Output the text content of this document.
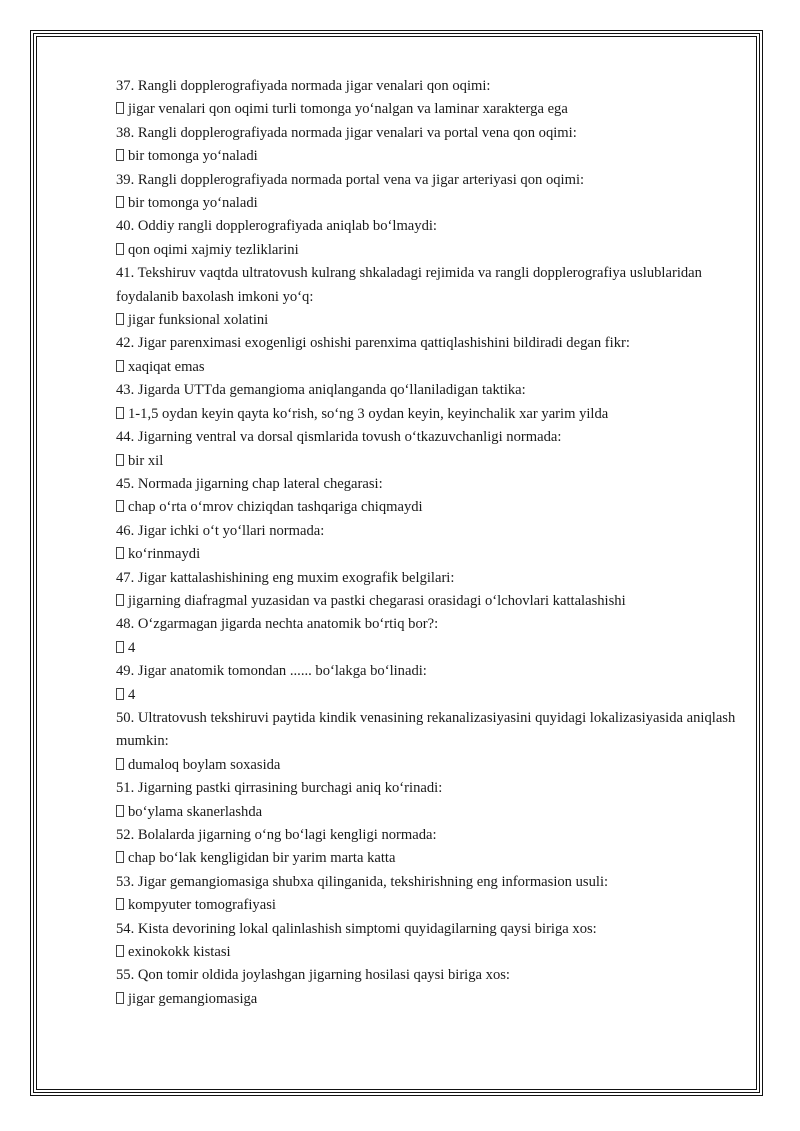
37. Rangli dopplerografiyada normada jigar venalari qon oqimi:
jigar venalari qon oqimi turli tomonga yo‘nalgan va laminar xarakterga ega
38. Rangli dopplerografiyada normada jigar venalari va portal vena qon oqimi:
bir tomonga yo‘naladi
39. Rangli dopplerografiyada normada portal vena va jigar arteriyasi qon oqimi:
bir tomonga yo‘naladi
40. Oddiy rangli dopplerografiyada aniqlab bo‘lmaydi:
qon oqimi xajmiy tezliklarini
41. Tekshiruv vaqtda ultratovush kulrang shkaladagi rejimida va rangli dopplerografiya uslublaridan foydalanib baxolash imkoni yo‘q:
jigar funksional xolatini
42. Jigar parenximasi exogenligi oshishi parenxima qattiqlashishini bildiradi degan fikr:
xaqiqat emas
43. Jigarda UTTda gemangioma aniqlanganda qo‘llaniladigan taktika:
1-1,5 oydan keyin qayta ko‘rish, so‘ng 3 oydan keyin, keyinchalik xar yarim yilda
44. Jigarning ventral va dorsal qismlarida tovush o‘tkazuvchanligi normada:
bir xil
45. Normada jigarning chap lateral chegarasi:
chap o‘rta o‘mrov chiziqdan tashqariga chiqmaydi
46. Jigar ichki o‘t yo‘llari normada:
ko‘rinmaydi
47. Jigar kattalashishining eng muxim exografik belgilari:
jigarning diafragmal yuzasidan va pastki chegarasi orasidagi o‘lchovlari kattalashishi
48. O‘zgarmagan jigarda nechta anatomik bo‘rtiq bor?:
4
49. Jigar anatomik tomondan ...... bo‘lakga bo‘linadi:
4
50. Ultratovush tekshiruvi paytida kindik venasining rekanalizasiyasini quyidagi lokalizasiyasida aniqlash mumkin:
dumaloq boylam soxasida
51. Jigarning pastki qirrasining burchagi aniq ko‘rinadi:
bo‘ylama skanerlashda
52. Bolalarda jigarning o‘ng bo‘lagi kengligi normada:
chap bo‘lak kengligidan bir yarim marta katta
53. Jigar gemangiomasiga shubxa qilinganida, tekshirishning eng informasion usuli:
kompyuter tomografiyasi
54. Kista devorining lokal qalinlashish simptomi quyidagilarning qaysi biriga xos:
exinokokk kistasi
55. Qon tomir oldida joylashgan jigarning hosilasi qaysi biriga xos:
jigar gemangiomasiga
